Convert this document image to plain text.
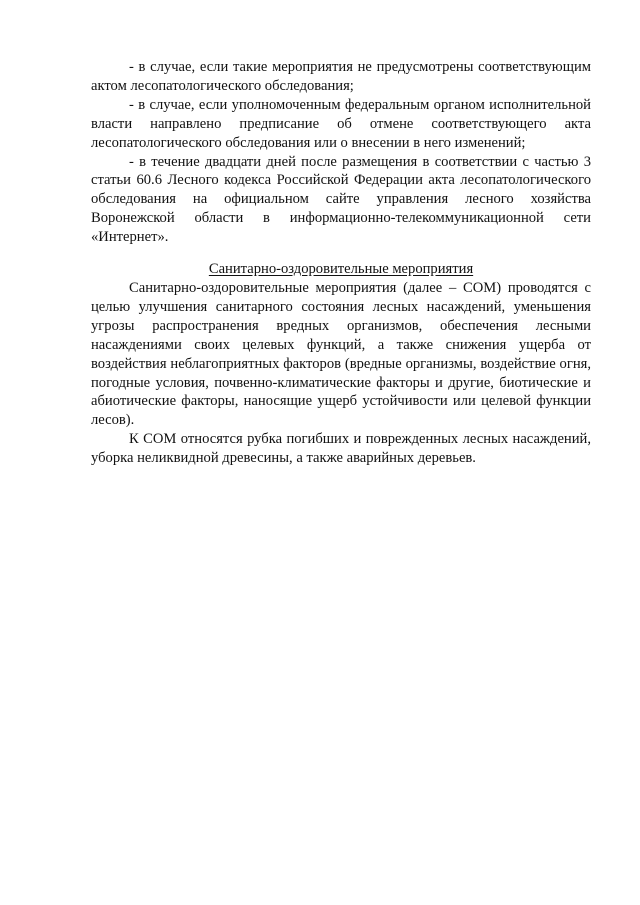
- в случае, если такие мероприятия не предусмотрены соответствующим актом лесопатологического обследования;

- в случае, если уполномоченным федеральным органом исполнительной власти направлено предписание об отмене соответствующего акта лесопатологического обследования или о внесении в него изменений;

- в течение двадцати дней после размещения в соответствии с частью 3 статьи 60.6 Лесного кодекса Российской Федерации акта лесопатологического обследования на официальном сайте управления лесного хозяйства Воронежской области в информационно-телекоммуникационной сети «Интернет».

Санитарно-оздоровительные мероприятия

Санитарно-оздоровительные мероприятия (далее – СОМ) проводятся с целью улучшения санитарного состояния лесных насаждений, уменьшения угрозы распространения вредных организмов, обеспечения лесными насаждениями своих целевых функций, а также снижения ущерба от воздействия неблагоприятных факторов (вредные организмы, воздействие огня, погодные условия, почвенно-климатические факторы и другие, биотические и абиотические факторы, наносящие ущерб устойчивости или целевой функции лесов).

К СОМ относятся рубка погибших и поврежденных лесных насаждений, уборка неликвидной древесины, а также аварийных деревьев.
